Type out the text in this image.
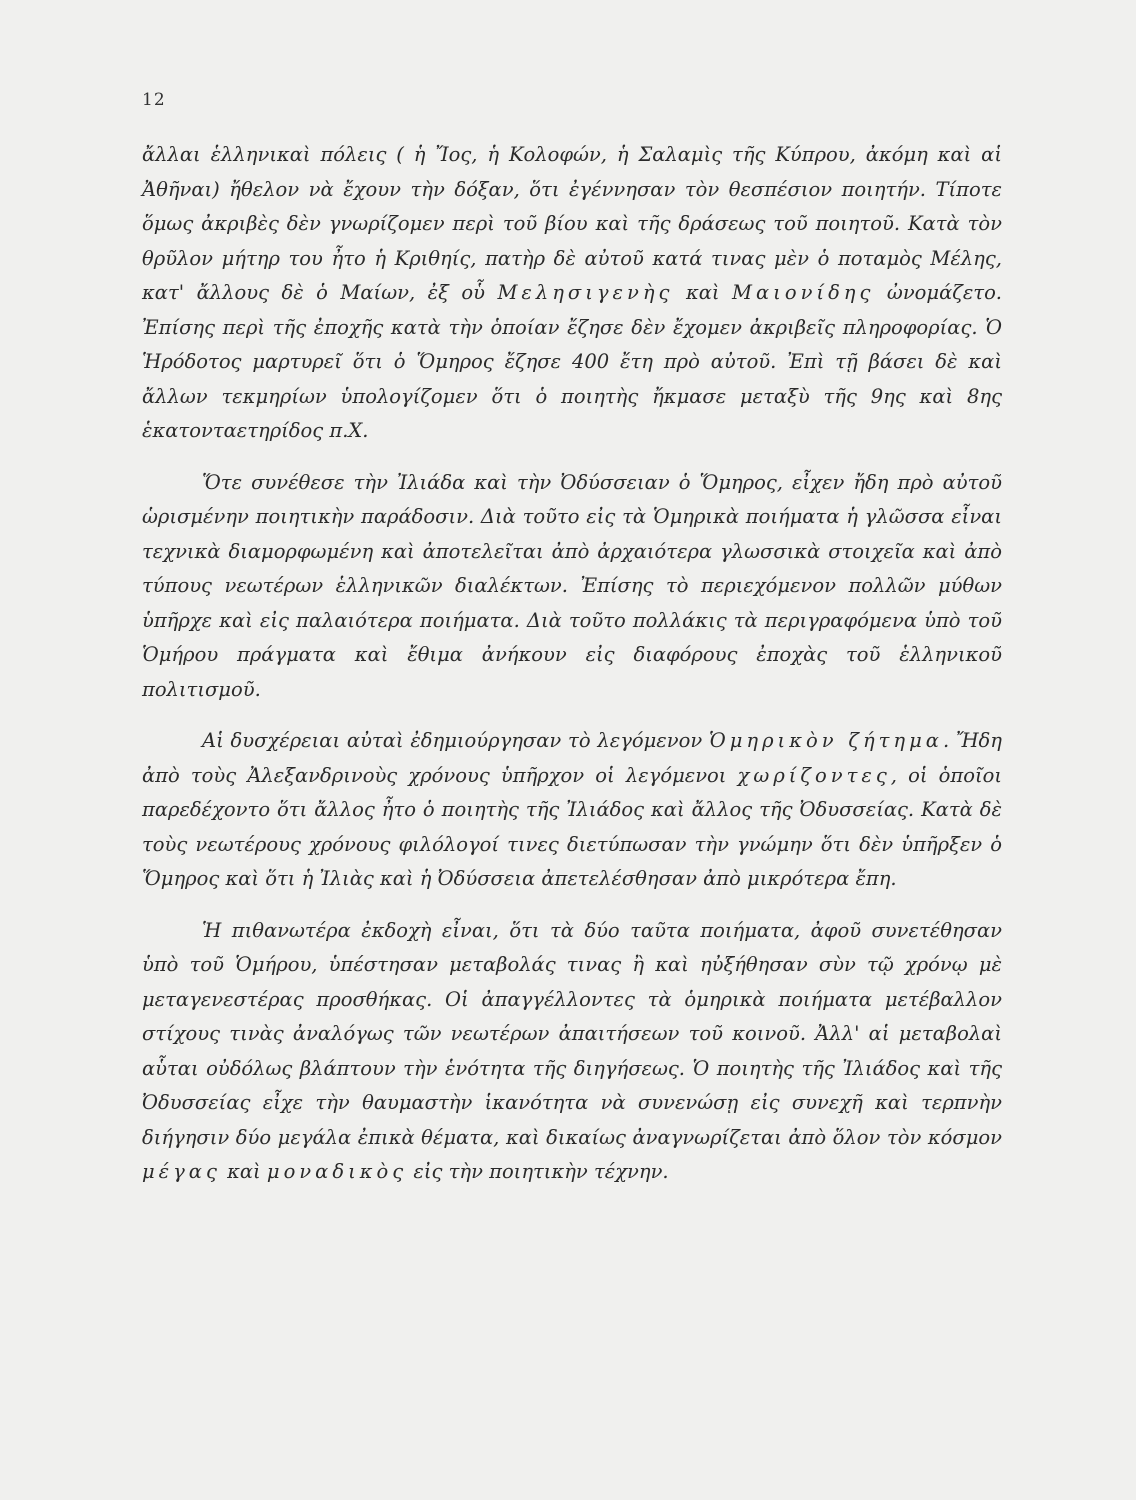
12

ἄλλαι ἑλληνικαὶ πόλεις ( ἡ Ἴος, ἡ Κολοφών, ἡ Σαλαμὶς τῆς Κύπρου, ἀκόμη καὶ αἱ Ἀθῆναι) ἤθελον νὰ ἔχουν τὴν δόξαν, ὅτι ἐγέννησαν τὸν θεσπέσιον ποιητήν. Τίποτε ὅμως ἀκριβὲς δὲν γνωρίζομεν περὶ τοῦ βίου καὶ τῆς δράσεως τοῦ ποιητοῦ. Κατὰ τὸν θρῦλον μήτηρ του ἦτο ἡ Κριθηίς, πατὴρ δὲ αὐτοῦ κατά τινας μὲν ὁ ποταμὸς Μέλης, κατ' ἄλλους δὲ ὁ Μαίων, ἐξ οὗ Μελησιγενὴς καὶ Μαιονίδης ὠνομάζετο. Ἐπίσης περὶ τῆς ἐποχῆς κατὰ τὴν ὁποίαν ἔζησε δὲν ἔχομεν ἀκριβεῖς πληροφορίας. Ὁ Ἡρόδοτος μαρτυρεῖ ὅτι ὁ Ὅμηρος ἔζησε 400 ἔτη πρὸ αὐτοῦ. Ἐπὶ τῇ βάσει δὲ καὶ ἄλλων τεκμηρίων ὑπολογίζομεν ὅτι ὁ ποιητὴς ἤκμασε μεταξὺ τῆς 9ης καὶ 8ης ἑκατονταετηρίδος π.Χ.

Ὅτε συνέθεσε τὴν Ἰλιάδα καὶ τὴν Ὀδύσσειαν ὁ Ὅμηρος, εἶχεν ἤδη πρὸ αὐτοῦ ὡρισμένην ποιητικὴν παράδοσιν. Διὰ τοῦτο εἰς τὰ Ὁμηρικὰ ποιήματα ἡ γλῶσσα εἶναι τεχνικὰ διαμορφωμένη καὶ ἀποτελεῖται ἀπὸ ἀρχαιότερα γλωσσικὰ στοιχεῖα καὶ ἀπὸ τύπους νεωτέρων ἑλληνικῶν διαλέκτων. Ἐπίσης τὸ περιεχόμενον πολλῶν μύθων ὑπῆρχε καὶ εἰς παλαιότερα ποιήματα. Διὰ τοῦτο πολλάκις τὰ περιγραφόμενα ὑπὸ τοῦ Ὁμήρου πράγματα καὶ ἔθιμα ἀνήκουν εἰς διαφόρους ἐποχὰς τοῦ ἑλληνικοῦ πολιτισμοῦ.

Αἱ δυσχέρειαι αὐταὶ ἐδημιούργησαν τὸ λεγόμενον Ὁμηρικὸν ζήτημα. Ἤδη ἀπὸ τοὺς Ἀλεξανδρινοὺς χρόνους ὑπῆρχον οἱ λεγόμενοι χωρίζοντες, οἱ ὁποῖοι παρεδέχοντο ὅτι ἄλλος ἦτο ὁ ποιητὴς τῆς Ἰλιάδος καὶ ἄλλος τῆς Ὀδυσσείας. Κατὰ δὲ τοὺς νεωτέρους χρόνους φιλόλογοί τινες διετύπωσαν τὴν γνώμην ὅτι δὲν ὑπῆρξεν ὁ Ὅμηρος καὶ ὅτι ἡ Ἰλιὰς καὶ ἡ Ὀδύσσεια ἀπετελέσθησαν ἀπὸ μικρότερα ἔπη.

Ἡ πιθανωτέρα ἐκδοχὴ εἶναι, ὅτι τὰ δύο ταῦτα ποιήματα, ἀφοῦ συνετέθησαν ὑπὸ τοῦ Ὁμήρου, ὑπέστησαν μεταβολάς τινας ἢ καὶ ηὐξήθησαν σὺν τῷ χρόνῳ μὲ μεταγενεστέρας προσθήκας. Οἱ ἀπαγγέλλοντες τὰ ὁμηρικὰ ποιήματα μετέβαλλον στίχους τινὰς ἀναλόγως τῶν νεωτέρων ἀπαιτήσεων τοῦ κοινοῦ. Ἀλλ' αἱ μεταβολαὶ αὗται οὐδόλως βλάπτουν τὴν ἑνότητα τῆς διηγήσεως. Ὁ ποιητὴς τῆς Ἰλιάδος καὶ τῆς Ὀδυσσείας εἶχε τὴν θαυμαστὴν ἱκανότητα νὰ συνενώσῃ εἰς συνεχῆ καὶ τερπνὴν διήγησιν δύο μεγάλα ἐπικὰ θέματα, καὶ δικαίως ἀναγνωρίζεται ἀπὸ ὅλον τὸν κόσμον μέγας καὶ μοναδικὸς εἰς τὴν ποιητικὴν τέχνην.
